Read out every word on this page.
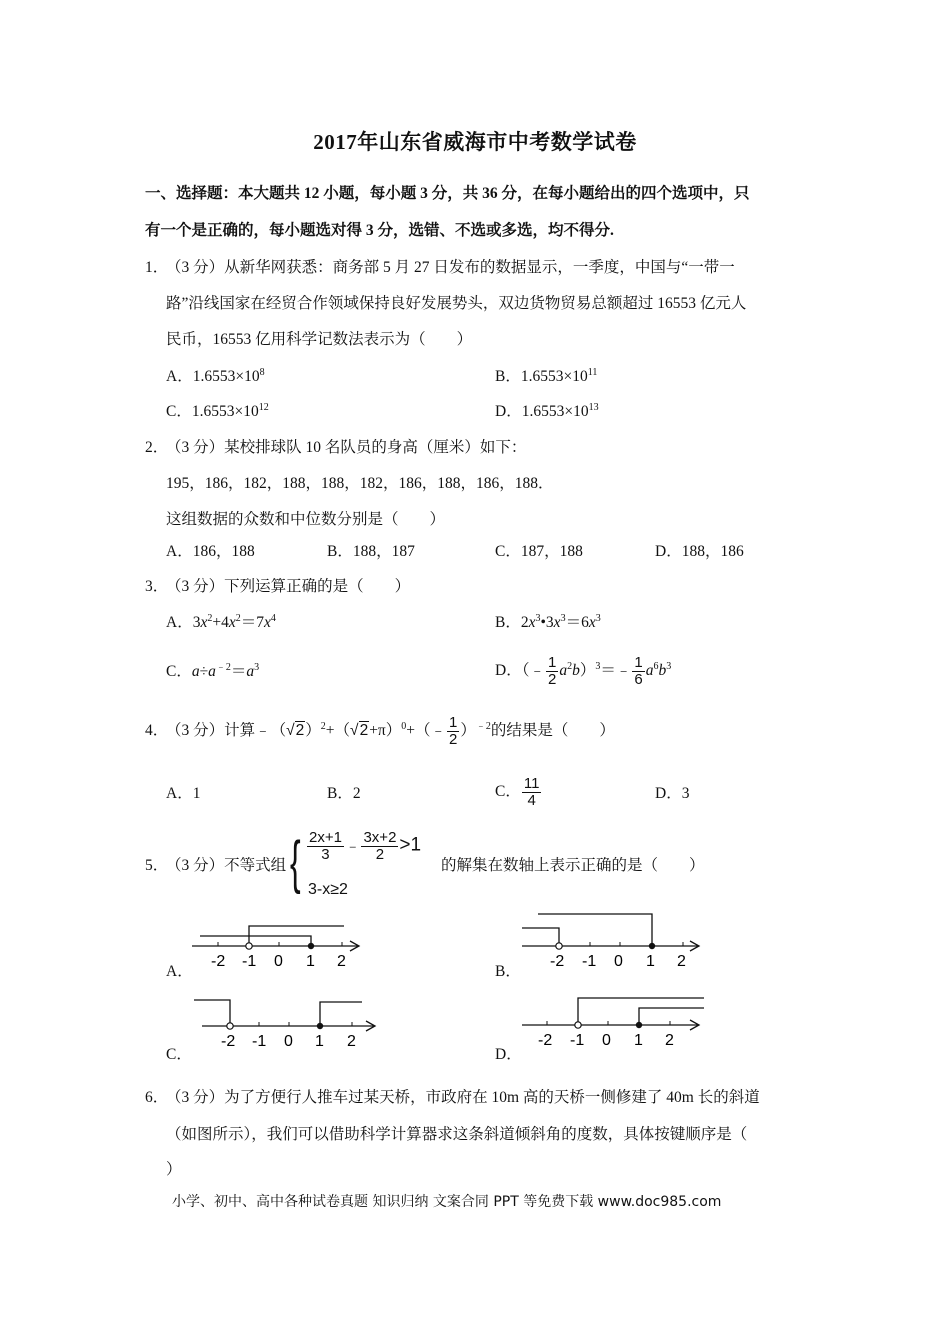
2017年山东省威海市中考数学试卷
一、选择题：本大题共 12 小题，每小题 3 分，共 36 分，在每小题给出的四个选项中，只
有一个是正确的，每小题选对得 3 分，选错、不选或多选，均不得分.
1．
（3 分）从新华网获悉：商务部 5 月 27 日发布的数据显示，一季度，中国与“一带一
路”沿线国家在经贸合作领域保持良好发展势头，双边货物贸易总额超过 16553 亿元人
民币，16553 亿用科学记数法表示为（　　）
A．$1.6553\times 10^8$	B．$1.6553\times 10^{11}$
C．$1.6553\times 10^{12}$	D．$1.6553\times 10^{13}$
2．
（3 分）某校排球队 10 名队员的身高（厘米）如下：
195，186，182，188，188，182，186，188，186，188．
这组数据的众数和中位数分别是（　　）
A．186，188	B．188，187	C．187，188	D．188，186
3．
（3 分）下列运算正确的是（　　）
A．$3x^2+4x^2=7x^4$	B．$2x^3•3x^3=6x^3$
C．$a\div a^{﹣2}=a^3$	D．（﹣ $\frac{1}{2}$ $a^2b)^3=﹣ \frac{1}{6} a^6b^3$
4．
（3 分）计算$﹣(√2)^2+(√2+\pi)^0+(﹣ \frac{1}{2} )^{﹣2}$的结果是（　　）
A．1	B．2	C． $\frac{11}{4}$	D．3
5．
（3 分）不等式组 { $\frac{2x+1}{3}$ ﹣ $\frac{3x+2}{2} >1$
3-x≥2
的解集在数轴上表示正确的是（　　）
-2 -1 0 1 2
A．
-2 -1 0 1 2
B．
-2 -1 0 1 2
C．
-2 -1 0 1 2
D．
6．
（3 分）为了方便行人推车过某天桥，市政府在 10m 高的天桥一侧修建了 40m 长的斜道
（如图所示），我们可以借助科学计算器求这条斜道倾斜角的度数，具体按键顺序是（
）
小学、初中、高中各种试卷真题 知识归纳 文案合同 PPT 等免费下载 www.doc985.com
